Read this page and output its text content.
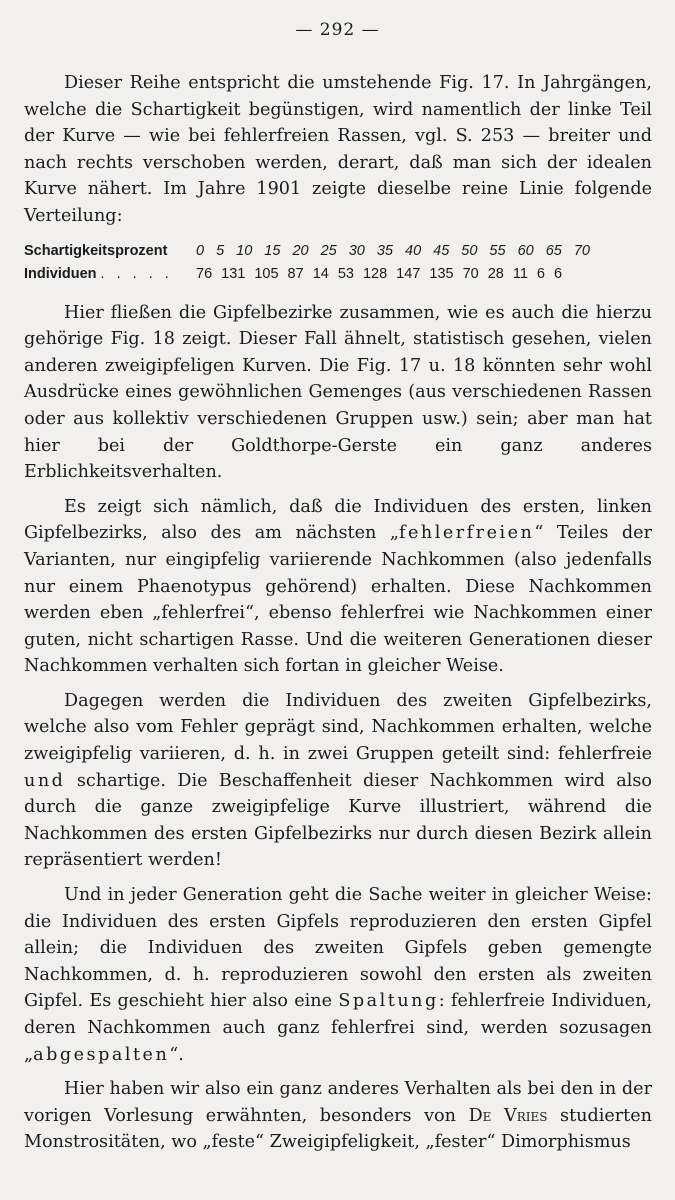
— 292 —

Dieser Reihe entspricht die umstehende Fig. 17. In Jahrgängen, welche die Schartigkeit begünstigen, wird namentlich der linke Teil der Kurve — wie bei fehlerfreien Rassen, vgl. S. 253 — breiter und nach rechts verschoben werden, derart, daß man sich der idealen Kurve nähert. Im Jahre 1901 zeigte dieselbe reine Linie folgende Verteilung:

Schartigkeitsprozent	0 5 10 15 20 25 30 35 40 45 50 55 60 65 70
Individuen . . . . .	76 131 105 87 14 53 128 147 135 70 28 11 6 6

Hier fließen die Gipfelbezirke zusammen, wie es auch die hierzu gehörige Fig. 18 zeigt. Dieser Fall ähnelt, statistisch gesehen, vielen anderen zweigipfeligen Kurven. Die Fig. 17 u. 18 könnten sehr wohl Ausdrücke eines gewöhnlichen Gemenges (aus verschiedenen Rassen oder aus kollektiv verschiedenen Gruppen usw.) sein; aber man hat hier bei der Goldthorpe-Gerste ein ganz anderes Erblichkeitsverhalten.

Es zeigt sich nämlich, daß die Individuen des ersten, linken Gipfelbezirks, also des am nächsten „fehlerfreien“ Teiles der Varianten, nur eingipfelig variierende Nachkommen (also jedenfalls nur einem Phaenotypus gehörend) erhalten. Diese Nachkommen werden eben „fehlerfrei“, ebenso fehlerfrei wie Nachkommen einer guten, nicht schartigen Rasse. Und die weiteren Generationen dieser Nachkommen verhalten sich fortan in gleicher Weise.

Dagegen werden die Individuen des zweiten Gipfelbezirks, welche also vom Fehler geprägt sind, Nachkommen erhalten, welche zweigipfelig variieren, d. h. in zwei Gruppen geteilt sind: fehlerfreie und schartige. Die Beschaffenheit dieser Nachkommen wird also durch die ganze zweigipfelige Kurve illustriert, während die Nachkommen des ersten Gipfelbezirks nur durch diesen Bezirk allein repräsentiert werden!

Und in jeder Generation geht die Sache weiter in gleicher Weise: die Individuen des ersten Gipfels reproduzieren den ersten Gipfel allein; die Individuen des zweiten Gipfels geben gemengte Nachkommen, d. h. reproduzieren sowohl den ersten als zweiten Gipfel. Es geschieht hier also eine Spaltung: fehlerfreie Individuen, deren Nachkommen auch ganz fehlerfrei sind, werden sozusagen „abgespalten“.

Hier haben wir also ein ganz anderes Verhalten als bei den in der vorigen Vorlesung erwähnten, besonders von De Vries studierten Monstrositäten, wo „feste“ Zweigipfeligkeit, „fester“ Dimorphismus
